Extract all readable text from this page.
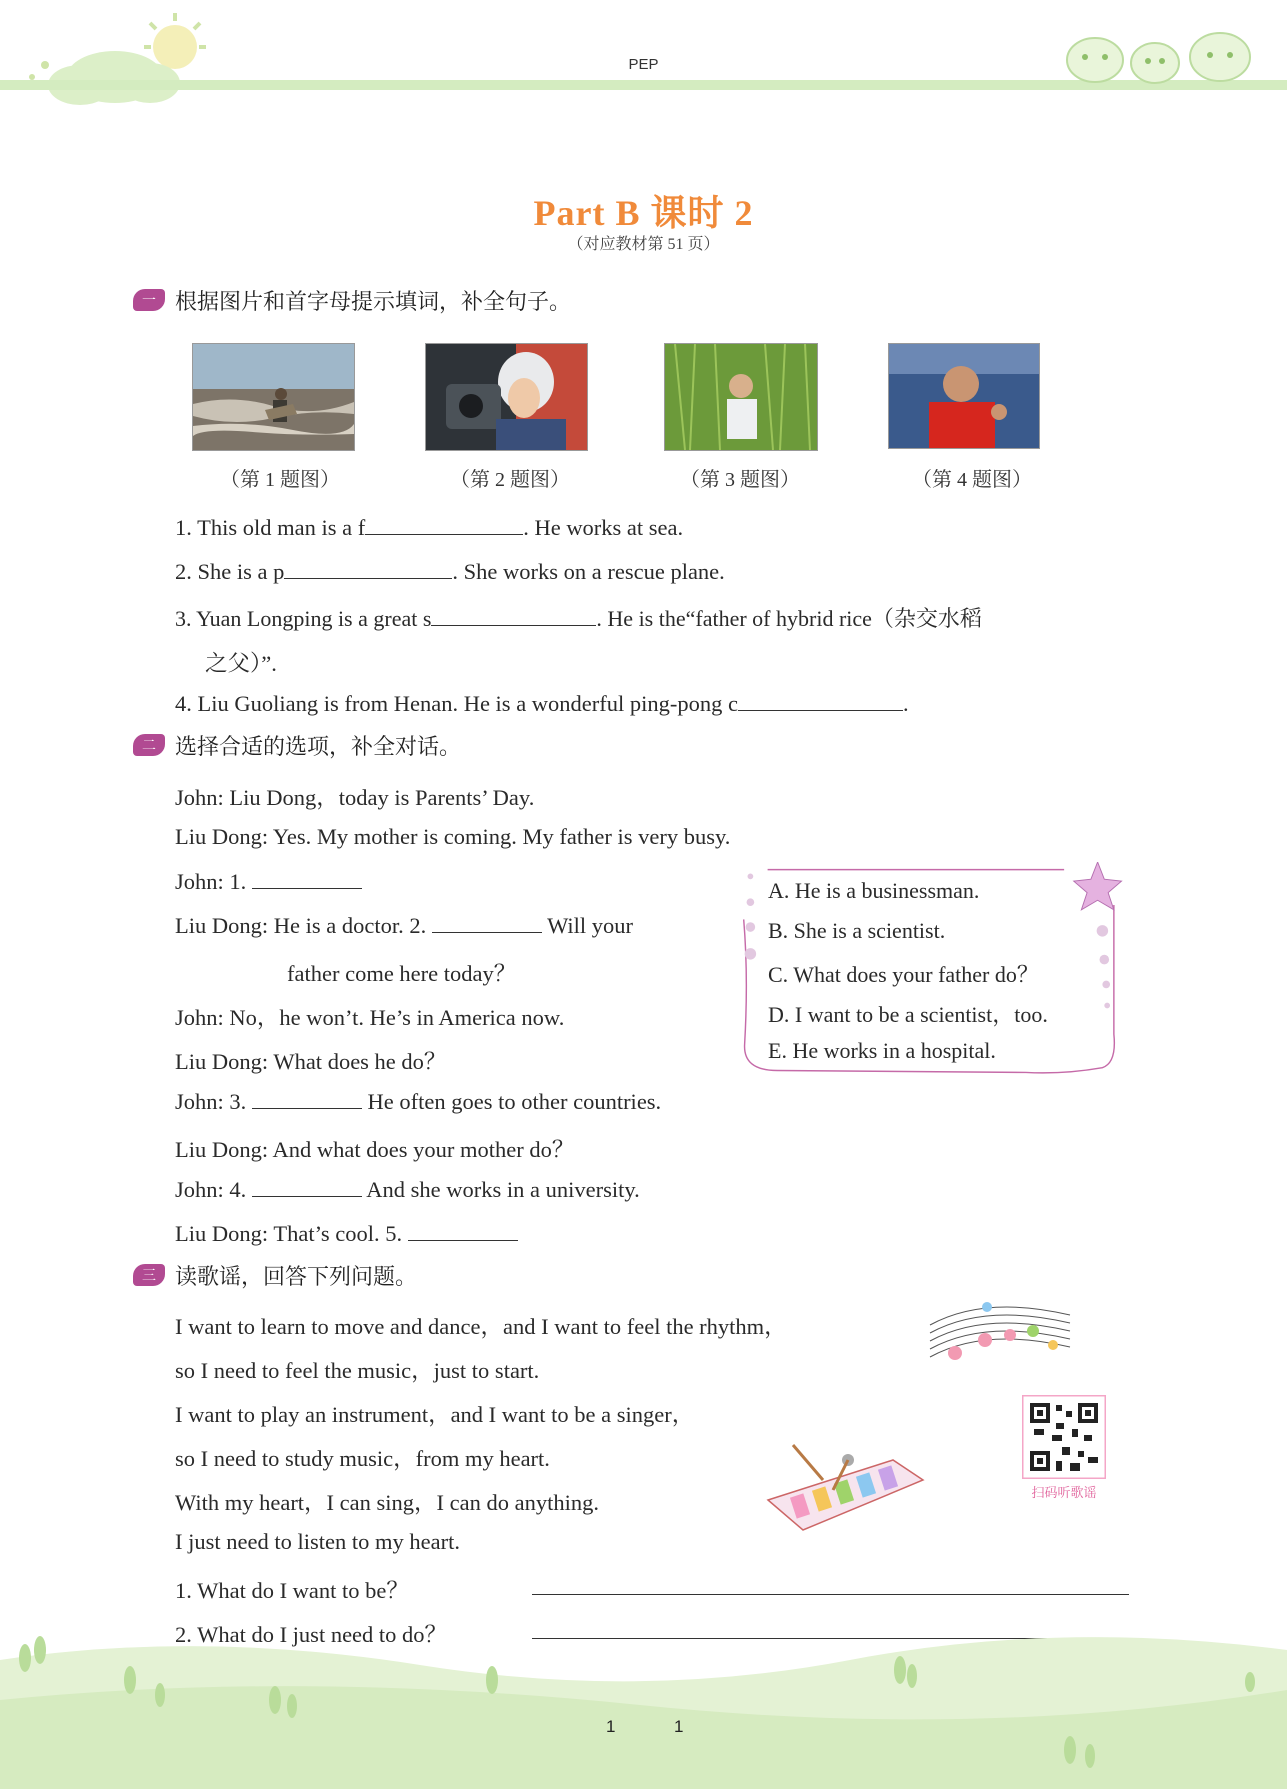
PEP
Part B 课时 2
（对应教材第 51 页）
一 根据图片和首字母提示填词，补全句子。
（第 1 题图）	（第 2 题图）	（第 3 题图）	（第 4 题图）
1. This old man is a f	. He works at sea.
2. She is a p	. She works on a rescue plane.
3. Yuan Longping is a great s	. He is the“father of hybrid rice（杂交水稻
之父）”.
4. Liu Guoliang is from Henan. He is a wonderful ping-pong c	.
二 选择合适的选项，补全对话。
John: Liu Dong，today is Parents’ Day.
Liu Dong: Yes. My mother is coming. My father is very busy.
John: 1.
Liu Dong: He is a doctor. 2.	Will your
father come here today？
John: No，he won’t. He’s in America now.
Liu Dong: What does he do？
John: 3.	He often goes to other countries.
Liu Dong: And what does your mother do？
John: 4.	And she works in a university.
Liu Dong: That’s cool. 5.
A. He is a businessman.
B. She is a scientist.
C. What does your father do？
D. I want to be a scientist，too.
E. He works in a hospital.
三 读歌谣，回答下列问题。
I want to learn to move and dance，and I want to feel the rhythm，
so I need to feel the music，just to start.
I want to play an instrument，and I want to be a singer，
so I need to study music，from my heart.
With my heart，I can sing，I can do anything.
I just need to listen to my heart.
1. What do I want to be？
2. What do I just need to do？
扫码听歌谣
1	1
